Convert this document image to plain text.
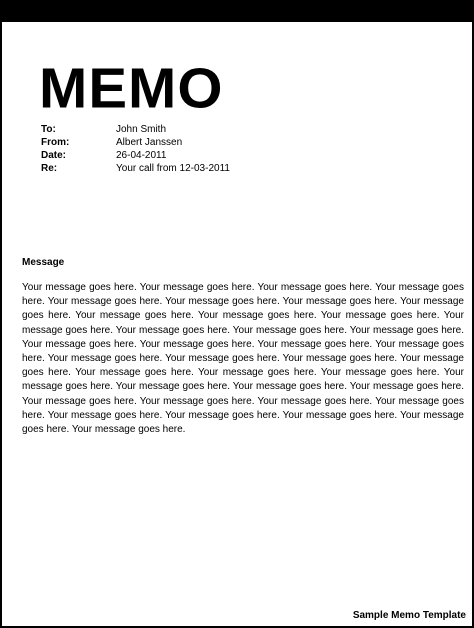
MEMO
To:	John Smith
From:	Albert Janssen
Date:	26-04-2011
Re:	Your call from 12-03-2011
Message
Your message goes here. Your message goes here. Your message goes here. Your message goes here. Your message goes here. Your message goes here. Your message goes here. Your message goes here. Your message goes here. Your message goes here. Your message goes here. Your message goes here. Your message goes here. Your message goes here. Your message goes here. Your message goes here. Your message goes here. Your message goes here. Your message goes here. Your message goes here. Your message goes here. Your message goes here. Your message goes here. Your message goes here. Your message goes here. Your message goes here. Your message goes here. Your message goes here. Your message goes here. Your message goes here. Your message goes here. Your message goes here. Your message goes here. Your message goes here. Your message goes here. Your message goes here. Your message goes here. Your message goes here. Your message goes here.
Sample Memo Template
